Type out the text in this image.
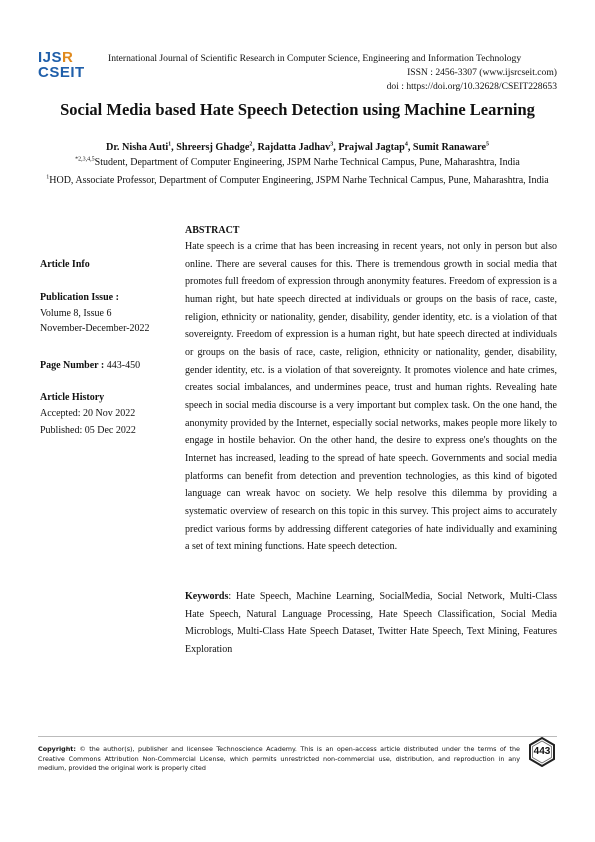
IJSR
CSEIT
International Journal of Scientific Research in Computer Science, Engineering and Information Technology
ISSN : 2456-3307 (www.ijsrcseit.com)
doi : https://doi.org/10.32628/CSEIT228653
Social Media based Hate Speech Detection using Machine Learning
Dr. Nisha Auti$^1$, Shreersj Ghadge$^2$, Rajdatta Jadhav$^3$, Prajwal Jagtap$^4$, Sumit Ranaware$^5$
$^{*2,3,4,5}$Student, Department of Computer Engineering, JSPM Narhe Technical Campus, Pune, Maharashtra, India
$^1$HOD, Associate Professor, Department of Computer Engineering, JSPM Narhe Technical Campus, Pune, Maharashtra, India
Article Info
Publication Issue :
Volume 8, Issue 6
November-December-2022
Page Number : 443-450
Article History
Accepted: 20 Nov 2022
Published: 05 Dec 2022
ABSTRACT
Hate speech is a crime that has been increasing in recent years, not only in person but also online. There are several causes for this. There is tremendous growth in social media that promotes full freedom of expression through anonymity features. Freedom of expression is a human right, but hate speech directed at individuals or groups on the basis of race, caste, religion, ethnicity or nationality, gender, disability, gender identity, etc. is a violation of that sovereignty. Freedom of expression is a human right, but hate speech directed at individuals or groups on the basis of race, caste, religion, ethnicity or nationality, gender, disability, gender identity, etc. is a violation of that sovereignty. It promotes violence and hate crimes, creates social imbalances, and undermines peace, trust and human rights. Revealing hate speech in social media discourse is a very important but complex task. On the one hand, the anonymity provided by the Internet, especially social networks, makes people more likely to engage in hostile behavior. On the other hand, the desire to express one's thoughts on the Internet has increased, leading to the spread of hate speech. Governments and social media platforms can benefit from detection and prevention technologies, as this kind of bigoted language can wreak havoc on society. We help resolve this dilemma by providing a systematic overview of research on this topic in this survey. This project aims to accurately predict various forms by addressing different categories of hate individually and examining a set of text mining functions. Hate speech detection.
Keywords: Hate Speech, Machine Learning, SocialMedia, Social Network, Multi-Class Hate Speech, Natural Language Processing, Hate Speech Classification, Social Media Microblogs, Multi-Class Hate Speech Dataset, Twitter Hate Speech, Text Mining, Features Exploration
Copyright: © the author(s), publisher and licensee Technoscience Academy. This is an open-access article distributed under the terms of the Creative Commons Attribution Non-Commercial License, which permits unrestricted non-commercial use, distribution, and reproduction in any medium, provided the original work is properly cited
443
